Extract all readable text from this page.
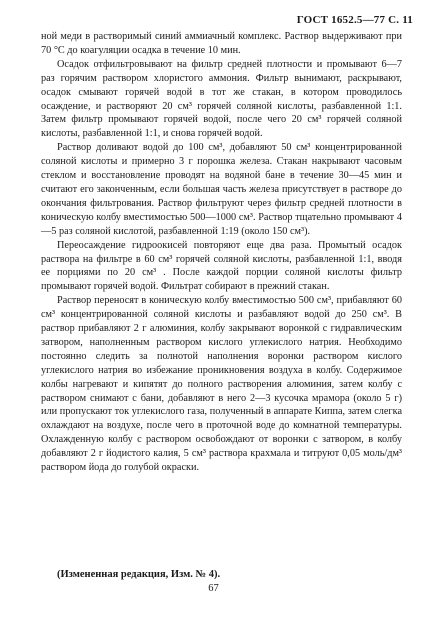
ГОСТ 1652.5—77 С. 11

ной меди в растворимый синий аммиачный комплекс. Раствор выдерживают при 70 °С до коагуляции осадка в течение 10 мин.

Осадок отфильтровывают на фильтр средней плотности и промывают 6—7 раз горячим раствором хлористого аммония. Фильтр вынимают, раскрывают, осадок смывают горячей водой в тот же стакан, в котором проводилось осаждение, и растворяют 20 см³ горячей соляной кислоты, разбавленной 1:1. Затем фильтр промывают горячей водой, после чего 20 см³ горячей соляной кислоты, разбавленной 1:1, и снова горячей водой.

Раствор доливают водой до 100 см³, добавляют 50 см³ концентрированной соляной кислоты и примерно 3 г порошка железа. Стакан накрывают часовым стеклом и восстановление проводят на водяной бане в течение 30—45 мин и считают его законченным, если большая часть железа присутствует в растворе до окончания фильтрования. Раствор фильтруют через фильтр средней плотности в коническую колбу вместимостью 500—1000 см³. Раствор тщательно промывают 4—5 раз соляной кислотой, разбавленной 1:19 (около 150 см³).

Переосаждение гидроокисей повторяют еще два раза. Промытый осадок раствора на фильтре в 60 см³ горячей соляной кислоты, разбавленной 1:1, вводя ее порциями по 20 см³ . После каждой порции соляной кислоты фильтр промывают горячей водой. Фильтрат собирают в прежний стакан.

Раствор переносят в коническую колбу вместимостью 500 см³, прибавляют 60 см³ концентрированной соляной кислоты и разбавляют водой до 250 см³. В раствор прибавляют 2 г алюминия, колбу закрывают воронкой с гидравлическим затвором, наполненным раствором кислого углекислого натрия. Необходимо постоянно следить за полнотой наполнения воронки раствором кислого углекислого натрия во избежание проникновения воздуха в колбу. Содержимое колбы нагревают и кипятят до полного растворения алюминия, затем колбу с раствором снимают с бани, добавляют в него 2—3 кусочка мрамора (около 5 г) или пропускают ток углекислого газа, полученный в аппарате Киппа, затем слегка охлаждают на воздухе, после чего в проточной воде до комнатной температуры. Охлажденную колбу с раствором освобождают от воронки с затвором, в колбу добавляют 2 г йодистого калия, 5 см³ раствора крахмала и титруют 0,05 моль/дм³ раствором йода до голубой окраски.

(Измененная редакция, Изм. № 4).
67
